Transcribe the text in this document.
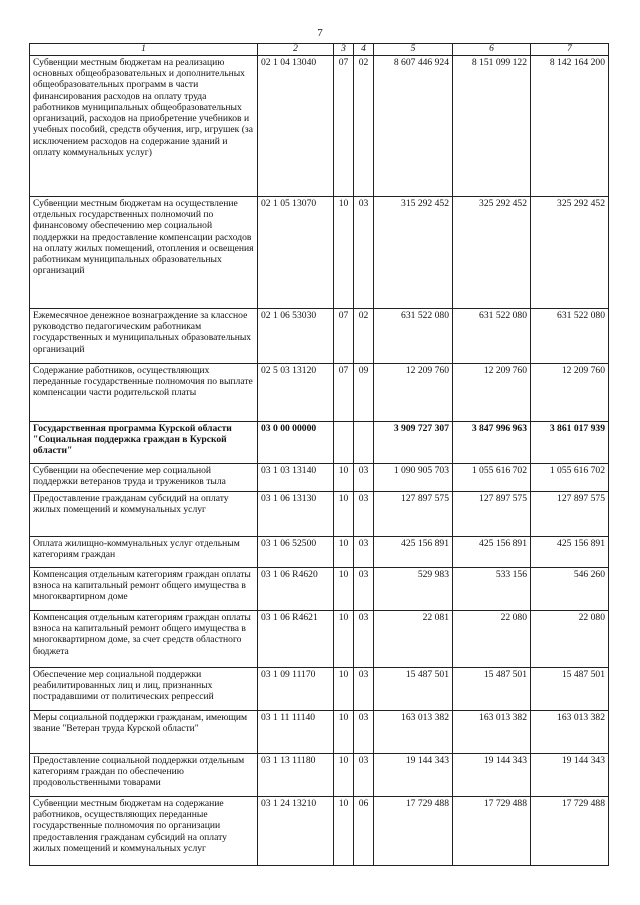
7
1	2	3	4	5	6	7
Субвенции местным бюджетам на реализацию основных общеобразовательных и дополнительных общеобразовательных программ в части финансирования расходов на оплату труда работников муниципальных общеобразовательных организаций, расходов на приобретение учебников и учебных пособий, средств обучения, игр, игрушек (за исключением расходов на содержание зданий и оплату коммунальных услуг)	02 1 04 13040	07	02	8 607 446 924	8 151 099 122	8 142 164 200
Субвенции местным бюджетам на осуществление отдельных государственных полномочий по финансовому обеспечению мер социальной поддержки на предоставление компенсации расходов на оплату жилых помещений, отопления и освещения работникам муниципальных образовательных организаций	02 1 05 13070	10	03	315 292 452	325 292 452	325 292 452
Ежемесячное денежное вознаграждение за классное руководство педагогическим работникам государственных и муниципальных образовательных организаций	02 1 06 53030	07	02	631 522 080	631 522 080	631 522 080
Содержание работников, осуществляющих переданные государственные полномочия по выплате компенсации части родительской платы	02 5 03 13120	07	09	12 209 760	12 209 760	12 209 760
Государственная программа Курской области "Социальная поддержка граждан в Курской области"	03 0 00 00000			3 909 727 307	3 847 996 963	3 861 017 939
Субвенции на обеспечение мер социальной поддержки ветеранов труда и тружеников тыла	03 1 03 13140	10	03	1 090 905 703	1 055 616 702	1 055 616 702
Предоставление гражданам субсидий на оплату жилых помещений и коммунальных услуг	03 1 06 13130	10	03	127 897 575	127 897 575	127 897 575
Оплата жилищно-коммунальных услуг отдельным категориям граждан	03 1 06 52500	10	03	425 156 891	425 156 891	425 156 891
Компенсация отдельным категориям граждан оплаты взноса на капитальный ремонт общего имущества в многоквартирном доме	03 1 06 R4620	10	03	529 983	533 156	546 260
Компенсация отдельным категориям граждан оплаты взноса на капитальный ремонт общего имущества в многоквартирном доме, за счет средств областного бюджета	03 1 06 R4621	10	03	22 081	22 080	22 080
Обеспечение мер социальной поддержки реабилитированных лиц и лиц, признанных пострадавшими от политических репрессий	03 1 09 11170	10	03	15 487 501	15 487 501	15 487 501
Меры социальной поддержки гражданам, имеющим звание "Ветеран труда Курской области"	03 1 11 11140	10	03	163 013 382	163 013 382	163 013 382
Предоставление социальной поддержки отдельным категориям граждан по обеспечению продовольственными товарами	03 1 13 11180	10	03	19 144 343	19 144 343	19 144 343
Субвенции местным бюджетам на содержание работников, осуществляющих переданные государственные полномочия по организации предоставления гражданам субсидий на оплату жилых помещений и коммунальных услуг	03 1 24 13210	10	06	17 729 488	17 729 488	17 729 488
